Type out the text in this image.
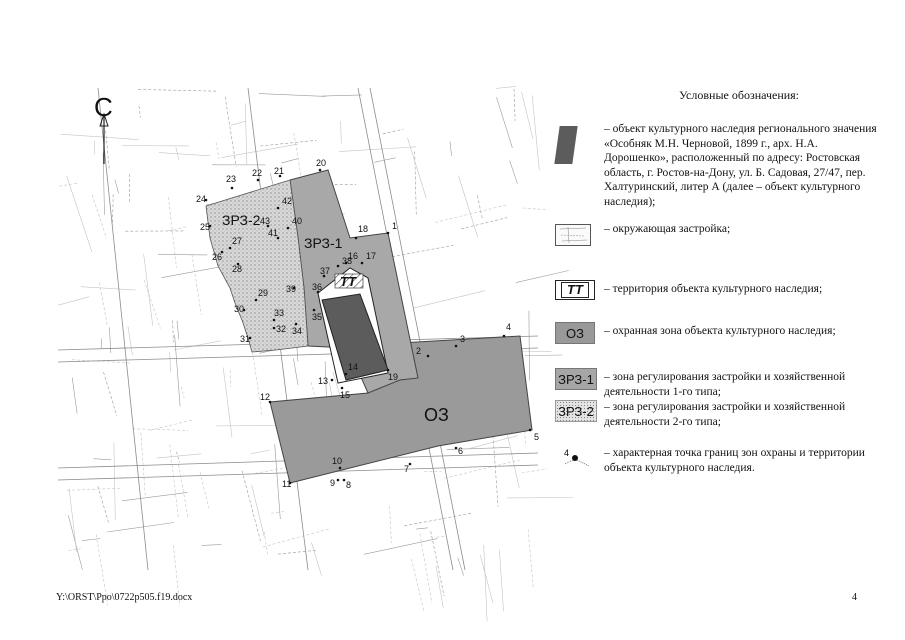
ТТ
ЗРЗ-2
ЗРЗ-1
ОЗ
С
1
2
3
4
5
6
7
8
9
10
11
12
13
14
15
16 17
18
19
20
21
22
23
24
25
26
27
28
29
30
31
32
33
34
35
36
37
38
39
40
41
42
43
Условные обозначения:
– объект культурного наследия регионального значения «Особняк М.Н. Черновой, 1899 г., арх. Н.А. Дорошенко», расположенный по адресу: Ростовская область, г. Ростов-на-Дону, ул. Б. Садовая, 27/47, пер. Халтуринский, литер А (далее – объект культурного наследия);
– окружающая застройка;
ТТ	– территория объекта культурного наследия;
ОЗ – охранная зона объекта культурного наследия;
ЗРЗ-1 – зона регулирования застройки и хозяйственной деятельности 1-го типа;
ЗРЗ-2 – зона регулирования застройки и хозяйственной деятельности 2-го типа;
4	– характерная точка границ зон охраны и территории объекта культурного наследия.
Y:\ORST\Ppo\0722p505.f19.docx	4
